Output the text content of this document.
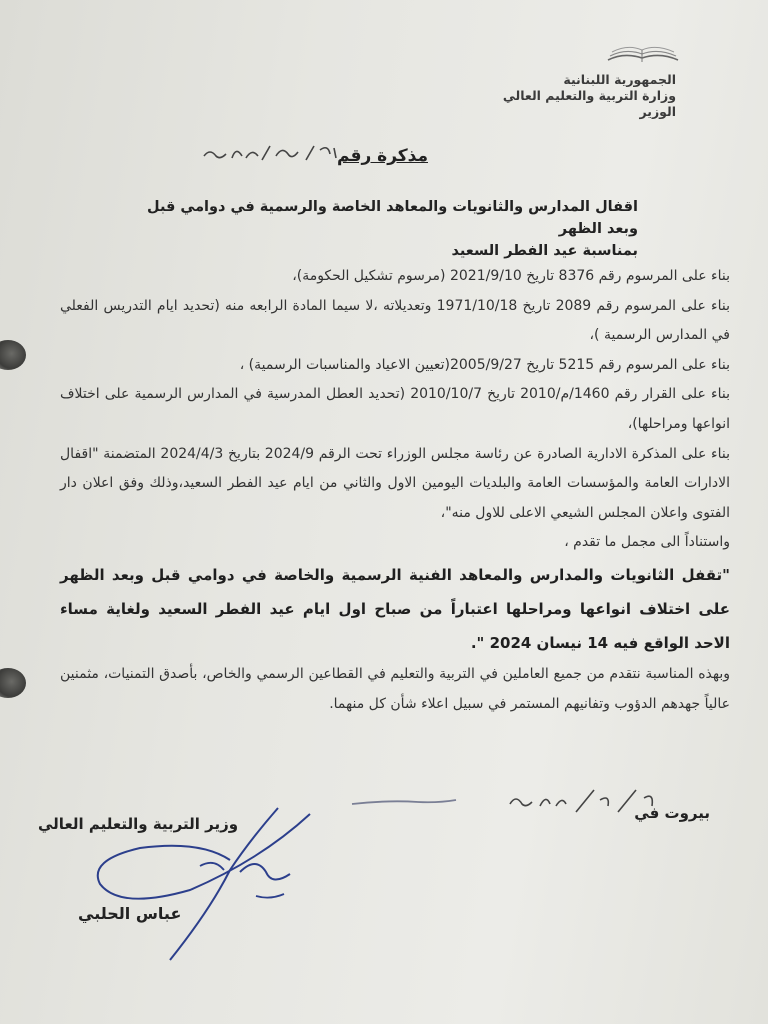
الجمهورية اللبنانية
وزارة التربية والتعليم العالي
الوزير
مذكرة رقم
اقفال المدارس والثانويات والمعاهد الخاصة والرسمية في دوامي قبل وبعد الظهر
بمناسبة عيد الفطر السعيد

بناء على المرسوم رقم 8376 تاريخ 2021/9/10 (مرسوم تشكيل الحكومة)،

بناء على المرسوم رقم 2089 تاريخ 1971/10/18 وتعديلاته ،لا سيما المادة الرابعه منه (تحديد ايام التدريس الفعلي في المدارس الرسمية )،

بناء على المرسوم رقم 5215 تاريخ 2005/9/27(تعيين الاعياد والمناسبات الرسمية) ،

بناء على القرار رقم 1460/م/2010 تاريخ 2010/10/7 (تحديد العطل المدرسية في المدارس الرسمية على اختلاف انواعها ومراحلها)،

بناء على المذكرة الادارية الصادرة عن رئاسة مجلس الوزراء تحت الرقم 2024/9 بتاريخ 2024/4/3 المتضمنة "اقفال الادارات العامة والمؤسسات العامة والبلديات اليومين الاول والثاني من ايام عيد الفطر السعيد،وذلك وفق اعلان دار الفتوى واعلان المجلس الشيعي الاعلى للاول منه"،

واستناداً الى مجمل ما تقدم ،

"تقفل الثانويات والمدارس والمعاهد الفنية الرسمية والخاصة في دوامي قبل وبعد الظهر على اختلاف انواعها ومراحلها اعتباراً من صباح اول ايام عيد الفطر السعيد ولغاية مساء الاحد الواقع فيه 14 نيسان 2024 ".

وبهذه المناسبة نتقدم من جميع العاملين في التربية والتعليم في القطاعين الرسمي والخاص، بأصدق التمنيات، مثمنين عالياً جهدهم الدؤوب وتفانيهم المستمر في سبيل اعلاء شأن كل منهما.

بيروت في
وزير التربية والتعليم العالي
عباس الحلبي
